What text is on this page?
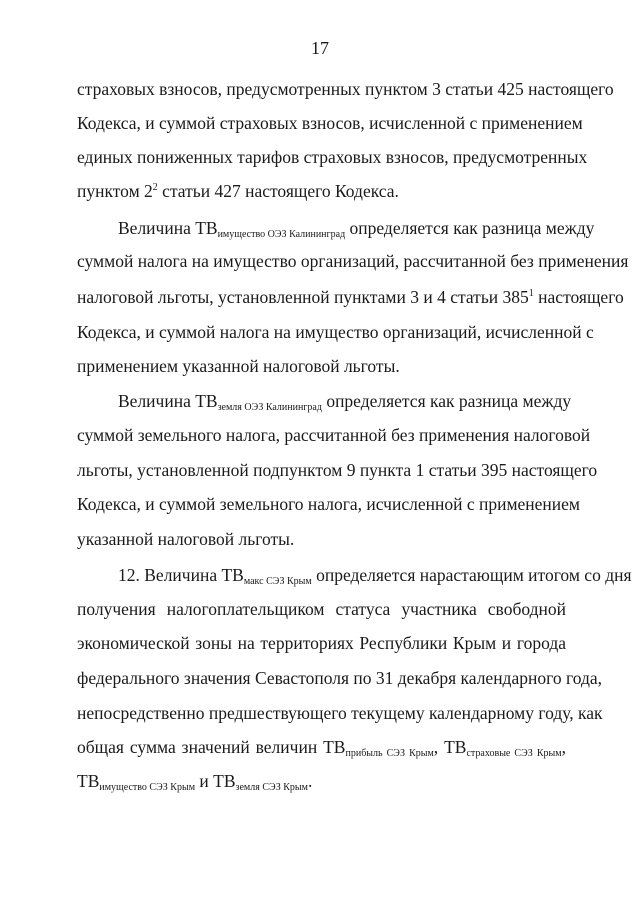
17
страховых взносов, предусмотренных пунктом 3 статьи 425 настоящего
Кодекса, и суммой страховых взносов, исчисленной с применением
единых пониженных тарифов страховых взносов, предусмотренных
пунктом $2^2$ статьи 427 настоящего Кодекса.
Величина $ТВ_{имущество ОЭЗ Калининград}$ определяется как разница между
суммой налога на имущество организаций, рассчитанной без применения
налоговой льготы, установленной пунктами 3 и 4 статьи $385^1$ настоящего
Кодекса, и суммой налога на имущество организаций, исчисленной с
применением указанной налоговой льготы.
Величина $ТВ_{земля ОЭЗ Калининград}$ определяется как разница между
суммой земельного налога, рассчитанной без применения налоговой
льготы, установленной подпунктом 9 пункта 1 статьи 395 настоящего
Кодекса, и суммой земельного налога, исчисленной с применением
указанной налоговой льготы.
12. Величина $ТВ_{макс СЭЗ Крым}$ определяется нарастающим итогом со дня
получения налогоплательщиком статуса участника свободной
экономической зоны на территориях Республики Крым и города
федерального значения Севастополя по 31 декабря календарного года,
непосредственно предшествующего текущему календарному году, как
общая сумма значений величин $ТВ_{прибыль СЭЗ Крым}$, $ТВ_{страховые СЭЗ Крым}$,
$ТВ_{имущество СЭЗ Крым}$ и $ТВ_{земля СЭЗ Крым}$.
